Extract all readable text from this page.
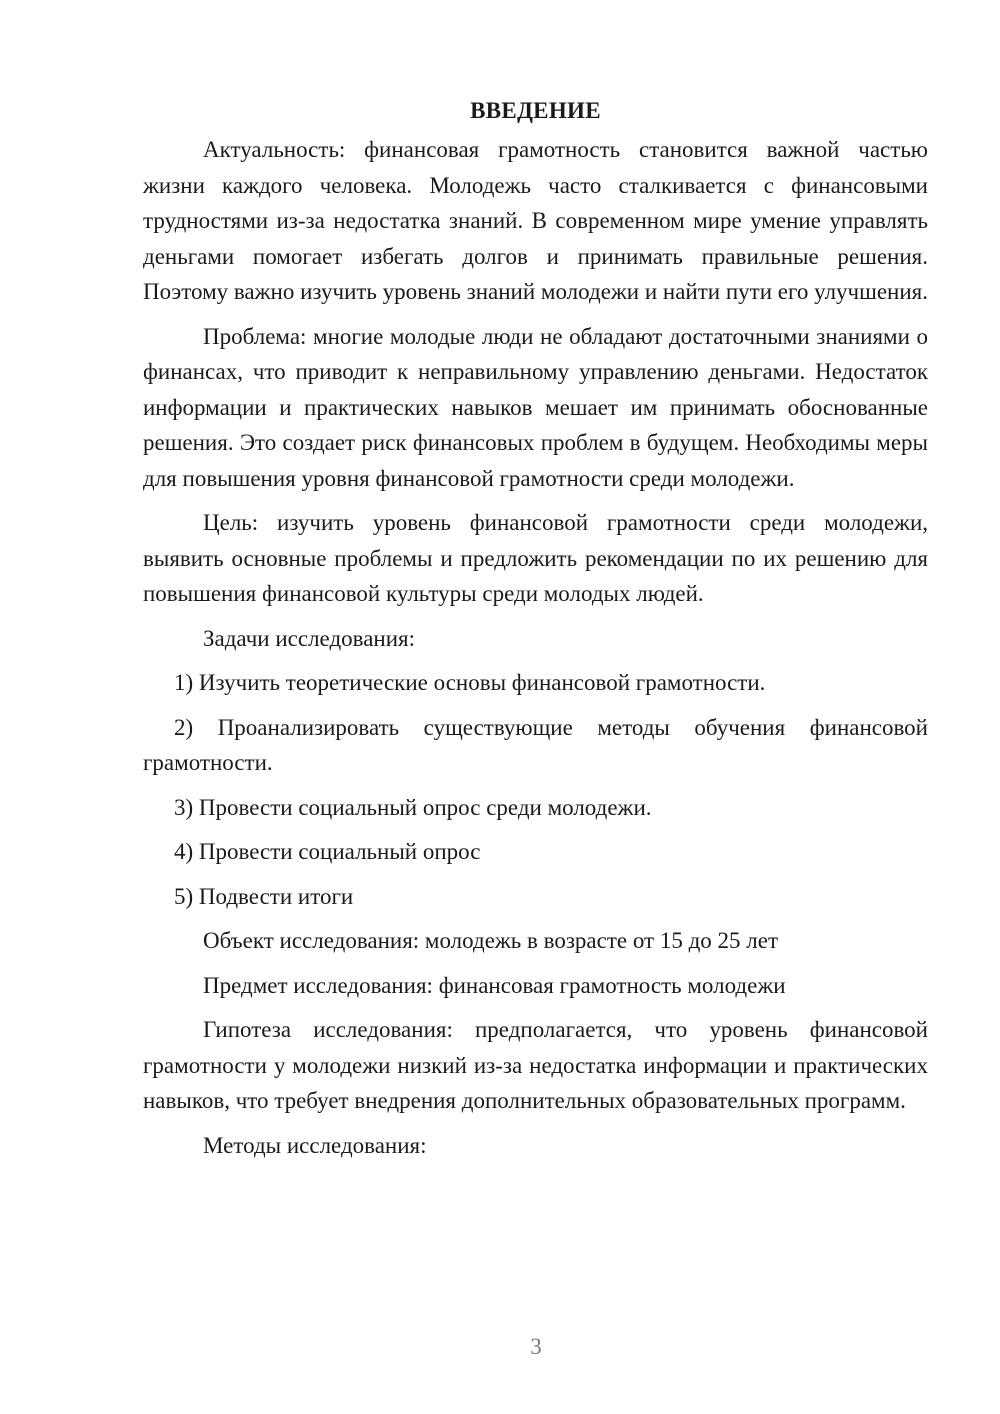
ВВЕДЕНИЕ

Актуальность: финансовая грамотность становится важной частью жизни каждого человека. Молодежь часто сталкивается с финансовыми трудностями из-за недостатка знаний. В современном мире умение управлять деньгами помогает избегать долгов и принимать правильные решения. Поэтому важно изучить уровень знаний молодежи и найти пути его улучшения.

Проблема: многие молодые люди не обладают достаточными знаниями о финансах, что приводит к неправильному управлению деньгами. Недостаток информации и практических навыков мешает им принимать обоснованные решения. Это создает риск финансовых проблем в будущем. Необходимы меры для повышения уровня финансовой грамотности среди молодежи.

Цель: изучить уровень финансовой грамотности среди молодежи, выявить основные проблемы и предложить рекомендации по их решению для повышения финансовой культуры среди молодых людей.

Задачи исследования:

1) Изучить теоретические основы финансовой грамотности.

2) Проанализировать существующие методы обучения финансовой грамотности.

3) Провести социальный опрос среди молодежи.

4) Провести социальный опрос

5) Подвести итоги

Объект исследования: молодежь в возрасте от 15 до 25 лет

Предмет исследования: финансовая грамотность молодежи

Гипотеза исследования: предполагается, что уровень финансовой грамотности у молодежи низкий из-за недостатка информации и практических навыков, что требует внедрения дополнительных образовательных программ.

Методы исследования:

3
